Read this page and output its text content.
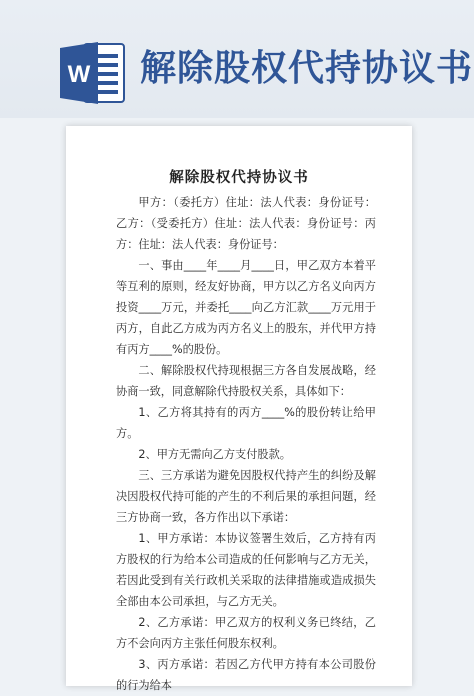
W 解除股权代持协议书
解除股权代持协议书

甲方：（委托方）住址：法人代表：身份证号：乙方：（受委托方）住址：法人代表：身份证号：丙方：住址：法人代表：身份证号：

一、事由____年____月____日，甲乙双方本着平等互利的原则，经友好协商，甲方以乙方名义向丙方投资____万元，并委托____向乙方汇款____万元用于丙方，自此乙方成为丙方名义上的股东，并代甲方持有丙方____%的股份。

二、解除股权代持现根据三方各自发展战略，经协商一致，同意解除代持股权关系，具体如下：

1、乙方将其持有的丙方____%的股份转让给甲方。

2、甲方无需向乙方支付股款。

三、三方承诺为避免因股权代持产生的纠纷及解决因股权代持可能的产生的不利后果的承担问题，经三方协商一致，各方作出以下承诺：

1、甲方承诺：本协议签署生效后，乙方持有丙方股权的行为给本公司造成的任何影响与乙方无关，若因此受到有关行政机关采取的法律措施或造成损失全部由本公司承担，与乙方无关。

2、乙方承诺：甲乙双方的权利义务已终结，乙方不会向丙方主张任何股东权利。

3、丙方承诺：若因乙方代甲方持有本公司股份的行为给本
